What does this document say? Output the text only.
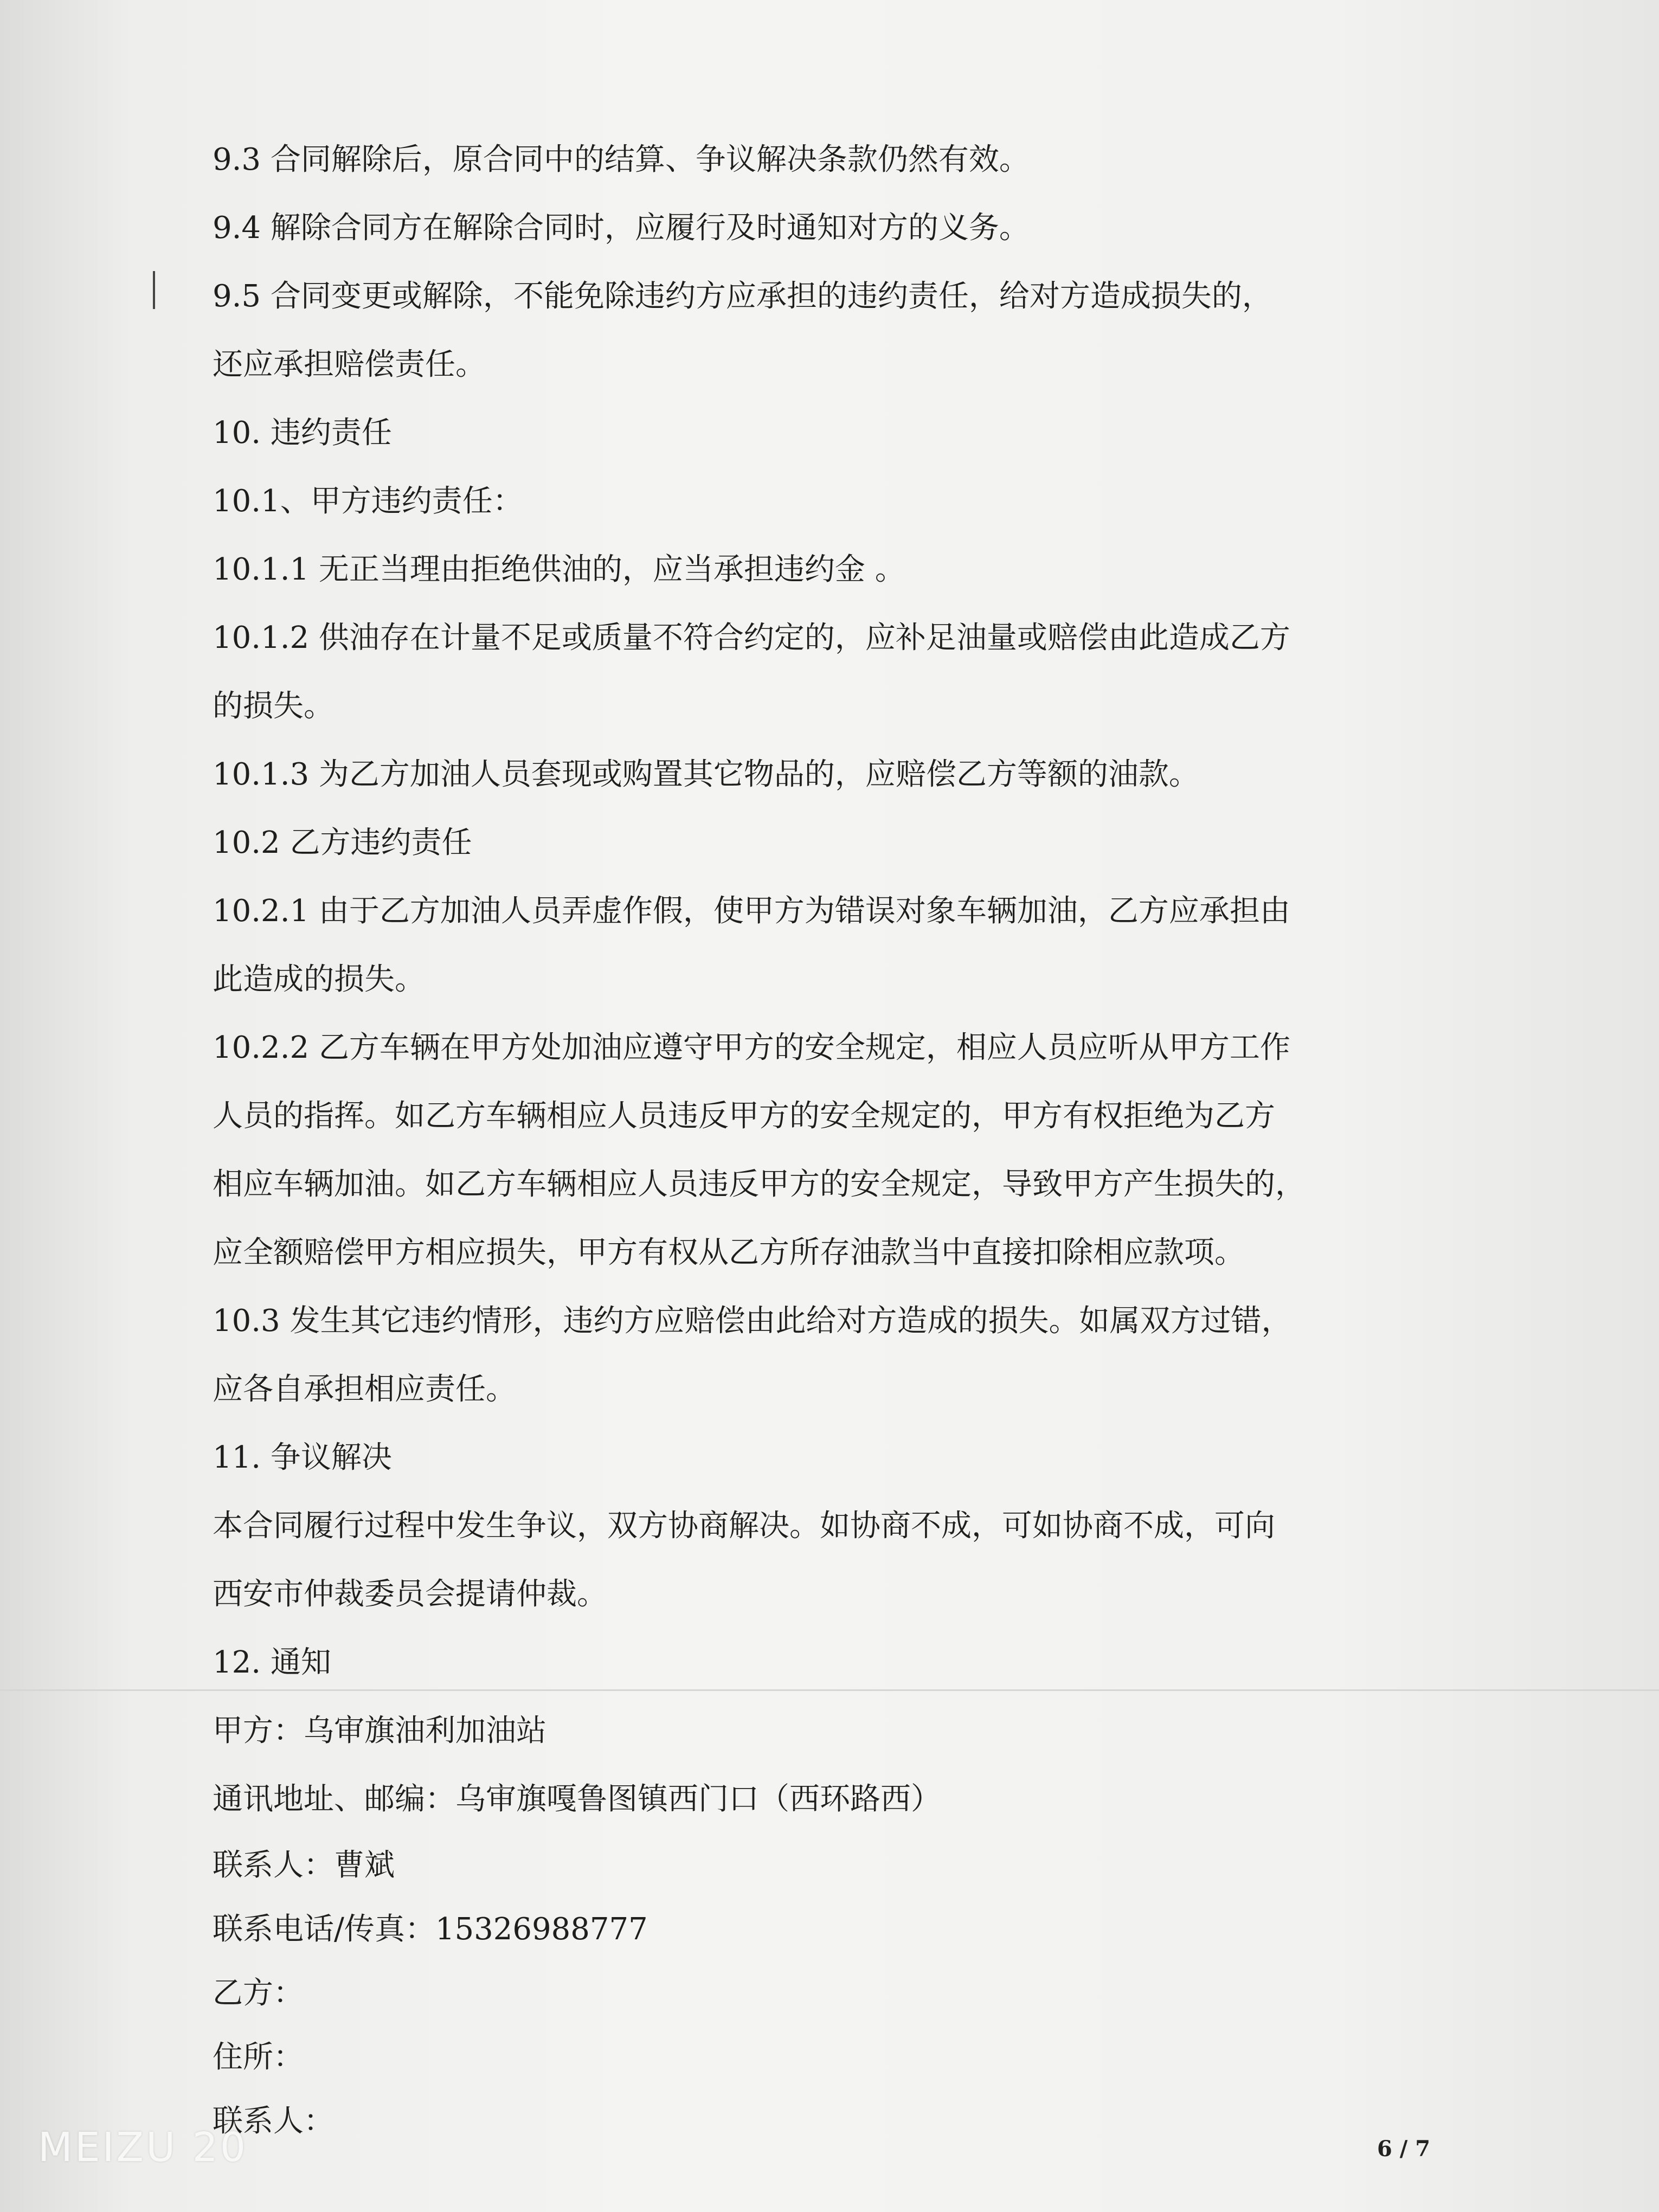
9.3 合同解除后，原合同中的结算、争议解决条款仍然有效。
9.4 解除合同方在解除合同时，应履行及时通知对方的义务。
9.5 合同变更或解除，不能免除违约方应承担的违约责任，给对方造成损失的，
还应承担赔偿责任。
10. 违约责任
10.1、甲方违约责任：
10.1.1 无正当理由拒绝供油的，应当承担违约金 。
10.1.2 供油存在计量不足或质量不符合约定的，应补足油量或赔偿由此造成乙方
的损失。
10.1.3 为乙方加油人员套现或购置其它物品的，应赔偿乙方等额的油款。
10.2 乙方违约责任
10.2.1 由于乙方加油人员弄虚作假，使甲方为错误对象车辆加油，乙方应承担由
此造成的损失。
10.2.2 乙方车辆在甲方处加油应遵守甲方的安全规定，相应人员应听从甲方工作
人员的指挥。如乙方车辆相应人员违反甲方的安全规定的，甲方有权拒绝为乙方
相应车辆加油。如乙方车辆相应人员违反甲方的安全规定，导致甲方产生损失的，
应全额赔偿甲方相应损失，甲方有权从乙方所存油款当中直接扣除相应款项。
10.3 发生其它违约情形，违约方应赔偿由此给对方造成的损失。如属双方过错，
应各自承担相应责任。
11. 争议解决
本合同履行过程中发生争议，双方协商解决。如协商不成，可如协商不成，可向
西安市仲裁委员会提请仲裁。
12. 通知
甲方：乌审旗油利加油站
通讯地址、邮编：乌审旗嘎鲁图镇西门口（西环路西）
联系人：曹斌
联系电话/传真：15326988777
乙方：
住所：
联系人：
6 / 7
MEIZU 20
